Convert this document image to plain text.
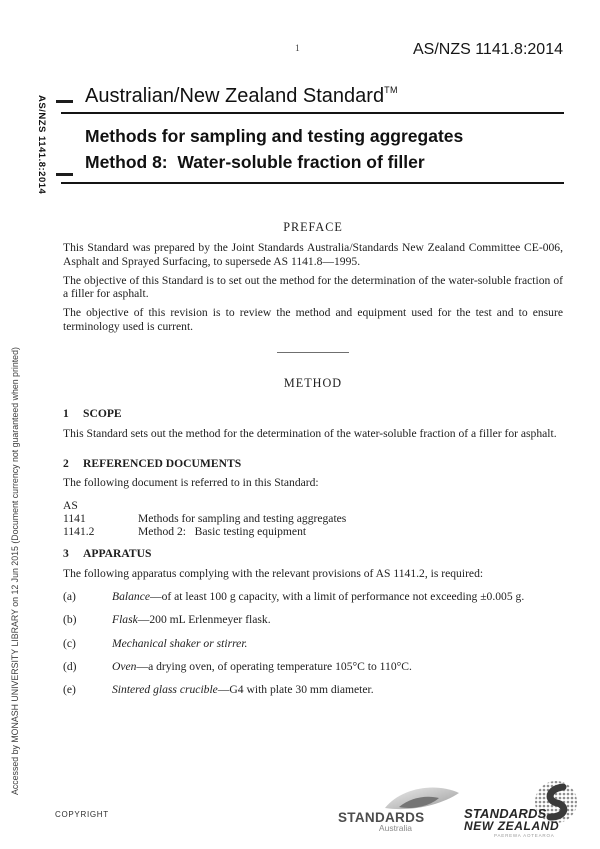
AS/NZS 1141.8:2014
Accessed by MONASH UNIVERSITY LIBRARY on 12 Jun 2015 (Document currency not guaranteed when printed)
1	AS/NZS 1141.8:2014
Australian/New Zealand Standard™
Methods for sampling and testing aggregates
Method 8:  Water-soluble fraction of filler
PREFACE

This Standard was prepared by the Joint Standards Australia/Standards New Zealand Committee CE-006, Asphalt and Sprayed Surfacing, to supersede AS 1141.8—1995.

The objective of this Standard is to set out the method for the determination of the water-soluble fraction of a filler for asphalt.

The objective of this revision is to review the method and equipment used for the test and to ensure terminology used is current.

METHOD
1 SCOPE

This Standard sets out the method for the determination of the water-soluble fraction of a filler for asphalt.

2 REFERENCED DOCUMENTS

The following document is referred to in this Standard:

AS
1141	Methods for sampling and testing aggregates
1141.2	Method 2:   Basic testing equipment
3 APPARATUS

The following apparatus complying with the relevant provisions of AS 1141.2, is required:

(a)	Balance—of at least 100 g capacity, with a limit of performance not exceeding ±0.005 g.
(b)	Flask—200 mL Erlenmeyer flask.
(c)	Mechanical shaker or stirrer.
(d)	Oven—a drying oven, of operating temperature 105°C to 110°C.
(e)	Sintered glass crucible—G4 with plate 30 mm diameter.
COPYRIGHT	STANDARDS
Australia
STANDARDS
NEW ZEALAND
PAEREWA AOTEAROA
